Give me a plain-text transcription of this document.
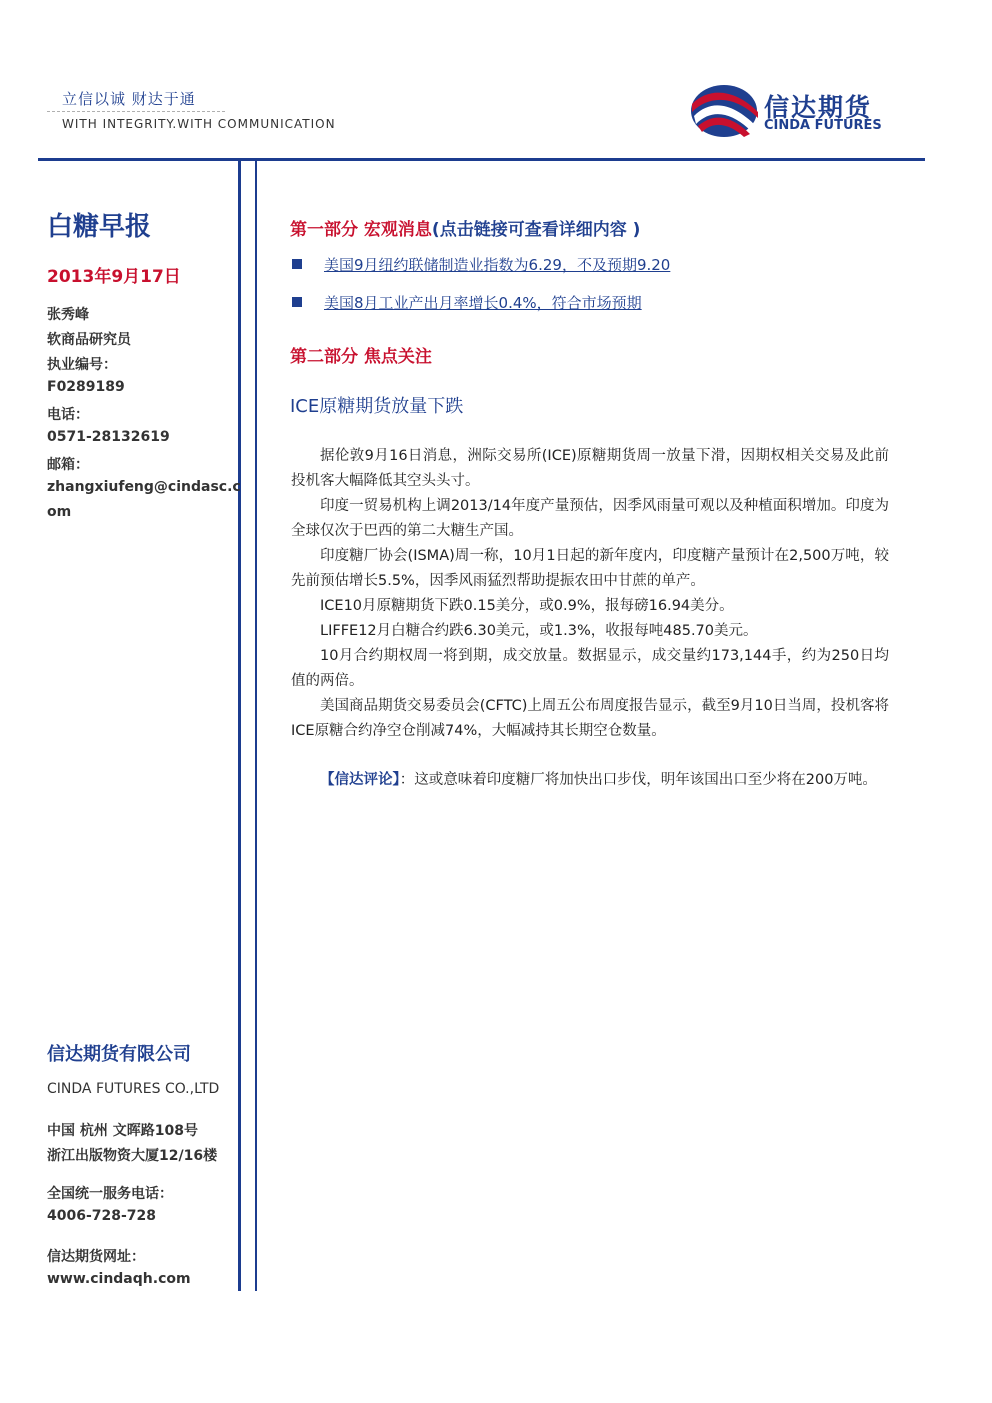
立信以诚 财达于通
WITH INTEGRITY.WITH COMMUNICATION
信达期货
CINDA FUTURES
白糖早报
2013年9月17日
张秀峰
软商品研究员
执业编号：
F0289189
电话：
0571-28132619
邮箱：
zhangxiufeng@cindasc.c
om
信达期货有限公司
CINDA FUTURES CO.,LTD
中国 杭州 文晖路108号
浙江出版物资大厦12/16楼
全国统一服务电话：
4006-728-728
信达期货网址：
www.cindaqh.com
第一部分 宏观消息(点击链接可查看详细内容 )
美国9月纽约联储制造业指数为6.29，不及预期9.20
美国8月工业产出月率增长0.4%，符合市场预期
第二部分 焦点关注
ICE原糖期货放量下跌

据伦敦9月16日消息，洲际交易所(ICE)原糖期货周一放量下滑，因期权相关交易及此前投机客大幅降低其空头头寸。

印度一贸易机构上调2013/14年度产量预估，因季风雨量可观以及种植面积增加。印度为全球仅次于巴西的第二大糖生产国。

印度糖厂协会(ISMA)周一称，10月1日起的新年度内，印度糖产量预计在2,500万吨，较先前预估增长5.5%，因季风雨猛烈帮助提振农田中甘蔗的单产。

ICE10月原糖期货下跌0.15美分，或0.9%，报每磅16.94美分。

LIFFE12月白糖合约跌6.30美元，或1.3%，收报每吨485.70美元。

10月合约期权周一将到期，成交放量。数据显示，成交量约173,144手，约为250日均值的两倍。

美国商品期货交易委员会(CFTC)上周五公布周度报告显示，截至9月10日当周，投机客将ICE原糖合约净空仓削减74%，大幅减持其长期空仓数量。

【信达评论】：这或意味着印度糖厂将加快出口步伐，明年该国出口至少将在200万吨。
